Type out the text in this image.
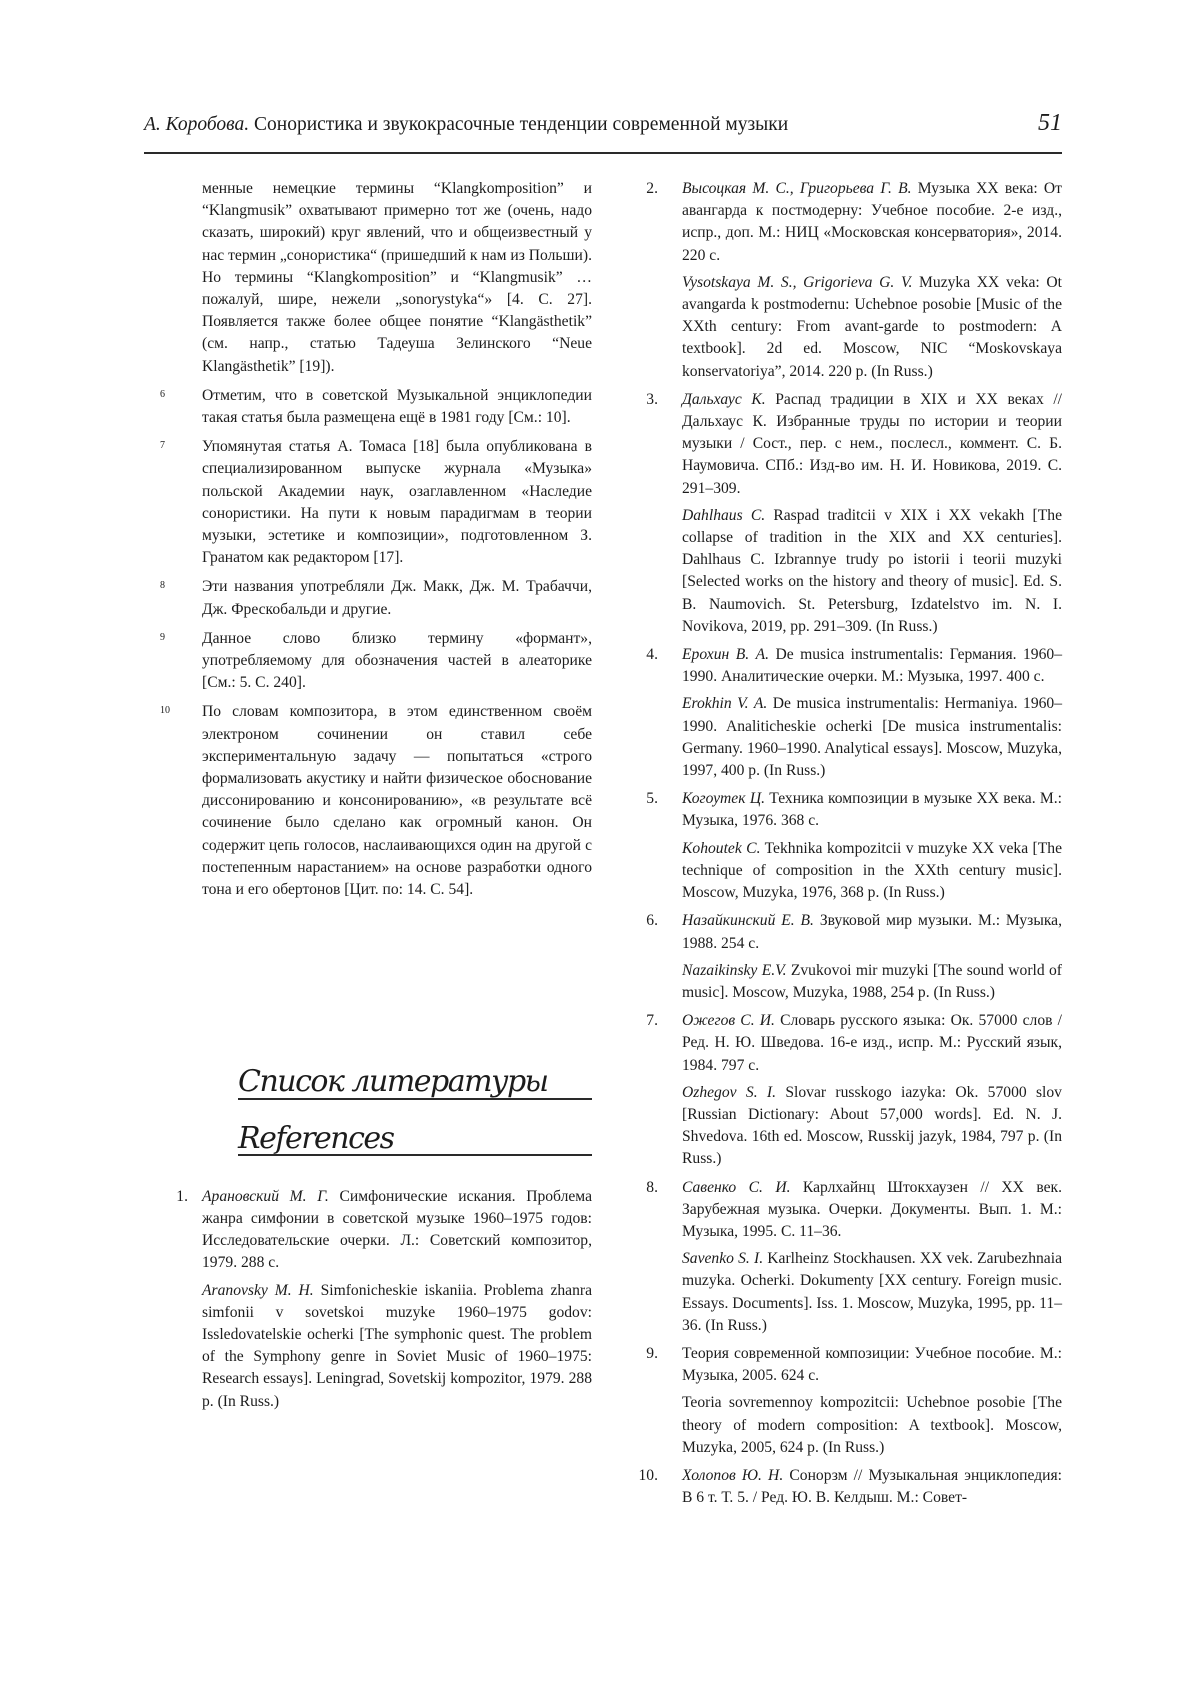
А. Коробова. Сонористика и звукокрасочные тенденции современной музыки	51
менные немецкие термины “Klangkomposition” и “Klangmusik” охватывают примерно тот же (очень, надо сказать, широкий) круг явлений, что и общеизвестный у нас термин „сонористика“ (пришедший к нам из Польши). Но термины “Klangkomposition” и “Klangmusik” …пожалуй, шире, нежели „sonorystyka“» [4. С. 27]. Появляется также более общее понятие “Klangästhetik” (см. напр., статью Тадеуша Зелинского “Neue Klangästhetik” [19]).
6 Отметим, что в советской Музыкальной энциклопедии такая статья была размещена ещё в 1981 году [См.: 10].
7 Упомянутая статья А. Томаса [18] была опубликована в специализированном выпуске журнала «Музыка» польской Академии наук, озаглавленном «Наследие сонористики. На пути к новым парадигмам в теории музыки, эстетике и композиции», подготовленном З. Гранатом как редактором [17].
8 Эти названия употребляли Дж. Макк, Дж. М. Трабаччи, Дж. Фрескобальди и другие.
9 Данное слово близко термину «формант», употребляемому для обозначения частей в алеаторике [См.: 5. С. 240].
10 По словам композитора, в этом единственном своём электроном сочинении он ставил себе экспериментальную задачу — попытаться «строго формализовать акустику и найти физическое обоснование диссонированию и консонированию», «в результате всё сочинение было сделано как огромный канон. Он содержит цепь голосов, наслаивающихся один на другой с постепенным нарастанием» на основе разработки одного тона и его обертонов [Цит. по: 14. С. 54].
Список литературы
References
1. Арановский М. Г. Симфонические искания. Проблема жанра симфонии в советской музыке 1960–1975 годов: Исследовательские очерки. Л.: Советский композитор, 1979. 288 с.
Aranovsky M. H. Simfonicheskie iskaniia. Problema zhanra simfonii v sovetskoi muzyke 1960–1975 godov: Issledovatelskie ocherki [The symphonic quest. The problem of the Symphony genre in Soviet Music of 1960–1975: Research essays]. Leningrad, Sovetskij kompozitor, 1979. 288 p. (In Russ.)
2. Высоцкая М. С., Григорьева Г. В. Музыка XX века: От авангарда к постмодерну: Учебное пособие. 2-е изд., испр., доп. М.: НИЦ «Московская консерватория», 2014. 220 с.
Vysotskaya M. S., Grigorieva G. V. Muzyka XX veka: Ot avangarda k postmodernu: Uchebnoe posobie [Music of the XXth century: From avant-garde to postmodern: A textbook]. 2d ed. Moscow, NIC “Moskovskaya konservatoriya”, 2014. 220 p. (In Russ.)
3. Дальхаус К. Распад традиции в XIX и XX веках // Дальхаус К. Избранные труды по истории и теории музыки / Сост., пер. с нем., послесл., коммент. С. Б. Наумовича. СПб.: Изд-во им. Н. И. Новикова, 2019. С. 291–309.
Dahlhaus C. Raspad traditcii v XIX i XX vekakh [The collapse of tradition in the XIX and XX centuries]. Dahlhaus C. Izbrannye trudy po istorii i teorii muzyki [Selected works on the history and theory of music]. Ed. S. B. Naumovich. St. Petersburg, Izdatelstvo im. N. I. Novikova, 2019, pp. 291–309. (In Russ.)
4. Ерохин В. А. De musica instrumentalis: Германия. 1960–1990. Аналитические очерки. М.: Музыка, 1997. 400 с.
Erokhin V. A. De musica instrumentalis: Hermaniya. 1960–1990. Analiticheskie ocherki [De musica instrumentalis: Germany. 1960–1990. Analytical essays]. Moscow, Muzyka, 1997, 400 p. (In Russ.)
5. Когоутек Ц. Техника композиции в музыке XX века. М.: Музыка, 1976. 368 с.
Kohoutek C. Tekhnika kompozitcii v muzyke XX veka [The technique of composition in the XXth century music]. Moscow, Muzyka, 1976, 368 p. (In Russ.)
6. Назайкинский Е. В. Звуковой мир музыки. М.: Музыка, 1988. 254 с.
Nazaikinsky E.V. Zvukovoi mir muzyki [The sound world of music]. Moscow, Muzyka, 1988, 254 p. (In Russ.)
7. Ожегов С. И. Словарь русского языка: Ок. 57000 слов / Ред. Н. Ю. Шведова. 16-е изд., испр. М.: Русский язык, 1984. 797 с.
Ozhegov S. I. Slovar russkogo iazyka: Ok. 57000 slov [Russian Dictionary: About 57,000 words]. Ed. N. J. Shvedova. 16th ed. Moscow, Russkij jazyk, 1984, 797 p. (In Russ.)
8. Савенко С. И. Карлхайнц Штокхаузен // XX век. Зарубежная музыка. Очерки. Документы. Вып. 1. М.: Музыка, 1995. С. 11–36.
Savenko S. I. Karlheinz Stockhausen. XX vek. Zarubezhnaia muzyka. Ocherki. Dokumenty [XX century. Foreign music. Essays. Documents]. Iss. 1. Moscow, Muzyka, 1995, pp. 11–36. (In Russ.)
9. Теория современной композиции: Учебное пособие. М.: Музыка, 2005. 624 с.
Teoria sovremennoy kompozitcii: Uchebnoe posobie [The theory of modern composition: A textbook]. Moscow, Muzyka, 2005, 624 p. (In Russ.)
10. Холопов Ю. Н. Сонорзм // Музыкальная энциклопедия: В 6 т. Т. 5. / Ред. Ю. В. Келдыш. М.: Совет-
